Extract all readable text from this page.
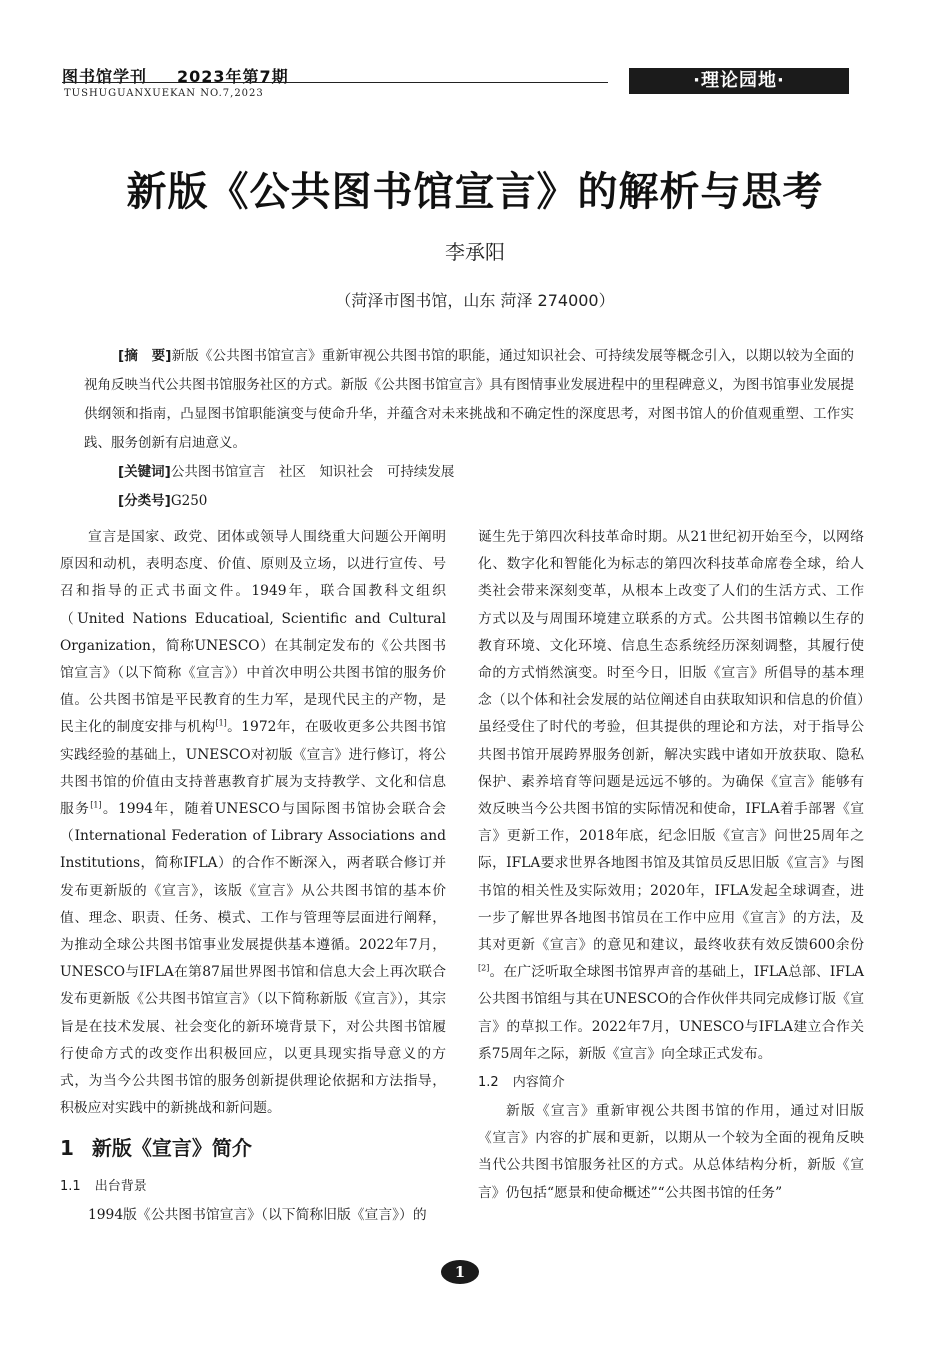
图书馆学刊 2023年第7期
TUSHUGUANXUEKAN NO.7,2023
·理论园地·
新版《公共图书馆宣言》的解析与思考
李承阳
（菏泽市图书馆，山东 菏泽 274000）

[摘　要]新版《公共图书馆宣言》重新审视公共图书馆的职能，通过知识社会、可持续发展等概念引入，以期以较为全面的视角反映当代公共图书馆服务社区的方式。新版《公共图书馆宣言》具有图情事业发展进程中的里程碑意义，为图书馆事业发展提供纲领和指南，凸显图书馆职能演变与使命升华，并蕴含对未来挑战和不确定性的深度思考，对图书馆人的价值观重塑、工作实践、服务创新有启迪意义。

[关键词]公共图书馆宣言　社区　知识社会　可持续发展

[分类号]G250

宣言是国家、政党、团体或领导人围绕重大问题公开阐明原因和动机，表明态度、价值、原则及立场，以进行宣传、号召和指导的正式书面文件。1949年，联合国教科文组织（United Nations Educatioal, Scientific and Cultural Organization，简称UNESCO）在其制定发布的《公共图书馆宣言》（以下简称《宣言》）中首次申明公共图书馆的服务价值。公共图书馆是平民教育的生力军，是现代民主的产物，是民主化的制度安排与机构[1]。1972年，在吸收更多公共图书馆实践经验的基础上，UNESCO对初版《宣言》进行修订，将公共图书馆的价值由支持普惠教育扩展为支持教学、文化和信息服务[1]。1994年，随着UNESCO与国际图书馆协会联合会（International Federation of Library Associations and Institutions，简称IFLA）的合作不断深入，两者联合修订并发布更新版的《宣言》，该版《宣言》从公共图书馆的基本价值、理念、职责、任务、模式、工作与管理等层面进行阐释，为推动全球公共图书馆事业发展提供基本遵循。2022年7月，UNESCO与IFLA在第87届世界图书馆和信息大会上再次联合发布更新版《公共图书馆宣言》（以下简称新版《宣言》），其宗旨是在技术发展、社会变化的新环境背景下，对公共图书馆履行使命方式的改变作出积极回应，以更具现实指导意义的方式，为当今公共图书馆的服务创新提供理论依据和方法指导，积极应对实践中的新挑战和新问题。

1 新版《宣言》简介

1.1 出台背景

1994版《公共图书馆宣言》（以下简称旧版《宣言》）的

诞生先于第四次科技革命时期。从21世纪初开始至今，以网络化、数字化和智能化为标志的第四次科技革命席卷全球，给人类社会带来深刻变革，从根本上改变了人们的生活方式、工作方式以及与周围环境建立联系的方式。公共图书馆赖以生存的教育环境、文化环境、信息生态系统经历深刻调整，其履行使命的方式悄然演变。时至今日，旧版《宣言》所倡导的基本理念（以个体和社会发展的站位阐述自由获取知识和信息的价值）虽经受住了时代的考验，但其提供的理论和方法，对于指导公共图书馆开展跨界服务创新，解决实践中诸如开放获取、隐私保护、素养培育等问题是远远不够的。为确保《宣言》能够有效反映当今公共图书馆的实际情况和使命，IFLA着手部署《宣言》更新工作，2018年底，纪念旧版《宣言》问世25周年之际，IFLA要求世界各地图书馆及其馆员反思旧版《宣言》与图书馆的相关性及实际效用；2020年，IFLA发起全球调查，进一步了解世界各地图书馆员在工作中应用《宣言》的方法，及其对更新《宣言》的意见和建议，最终收获有效反馈600余份[2]。在广泛听取全球图书馆界声音的基础上，IFLA总部、IFLA公共图书馆组与其在UNESCO的合作伙伴共同完成修订版《宣言》的草拟工作。2022年7月，UNESCO与IFLA建立合作关系75周年之际，新版《宣言》向全球正式发布。

1.2 内容简介

新版《宣言》重新审视公共图书馆的作用，通过对旧版《宣言》内容的扩展和更新，以期从一个较为全面的视角反映当代公共图书馆服务社区的方式。从总体结构分析，新版《宣言》仍包括“愿景和使命概述”“公共图书馆的任务”

1
